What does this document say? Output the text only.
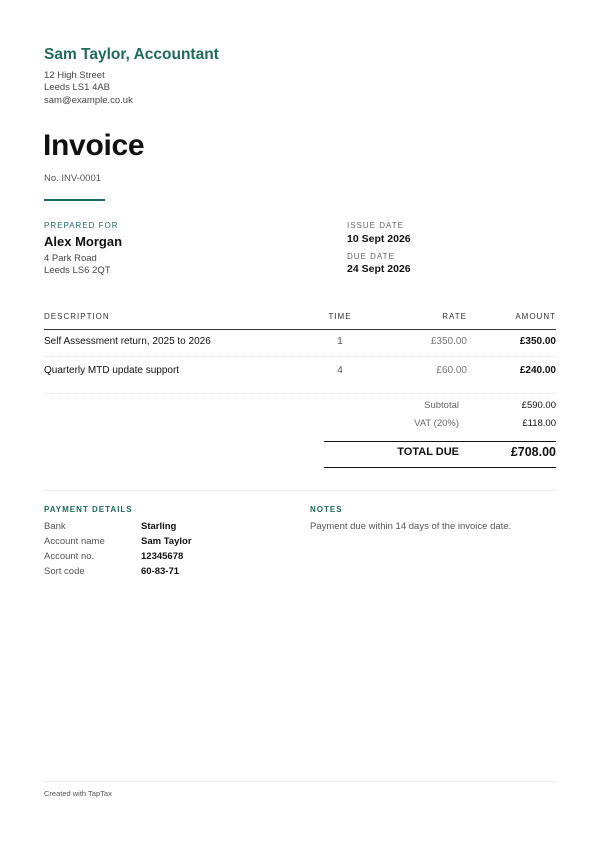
Sam Taylor, Accountant
12 High Street
Leeds LS1 4AB
sam@example.co.uk
Invoice
No. INV-0001
PREPARED FOR
Alex Morgan
4 Park Road
Leeds LS6 2QT
ISSUE DATE
10 Sept 2026
DUE DATE
24 Sept 2026
DESCRIPTION	TIME	RATE	AMOUNT
Self Assessment return, 2025 to 2026	1	£350.00	£350.00
Quarterly MTD update support	4	£60.00	£240.00
Subtotal	£590.00
VAT (20%)	£118.00
TOTAL DUE	£708.00
PAYMENT DETAILS
Bank	Starling
Account name	Sam Taylor
Account no.	12345678
Sort code	60-83-71
NOTES
Payment due within 14 days of the invoice date.
Created with TapTax
